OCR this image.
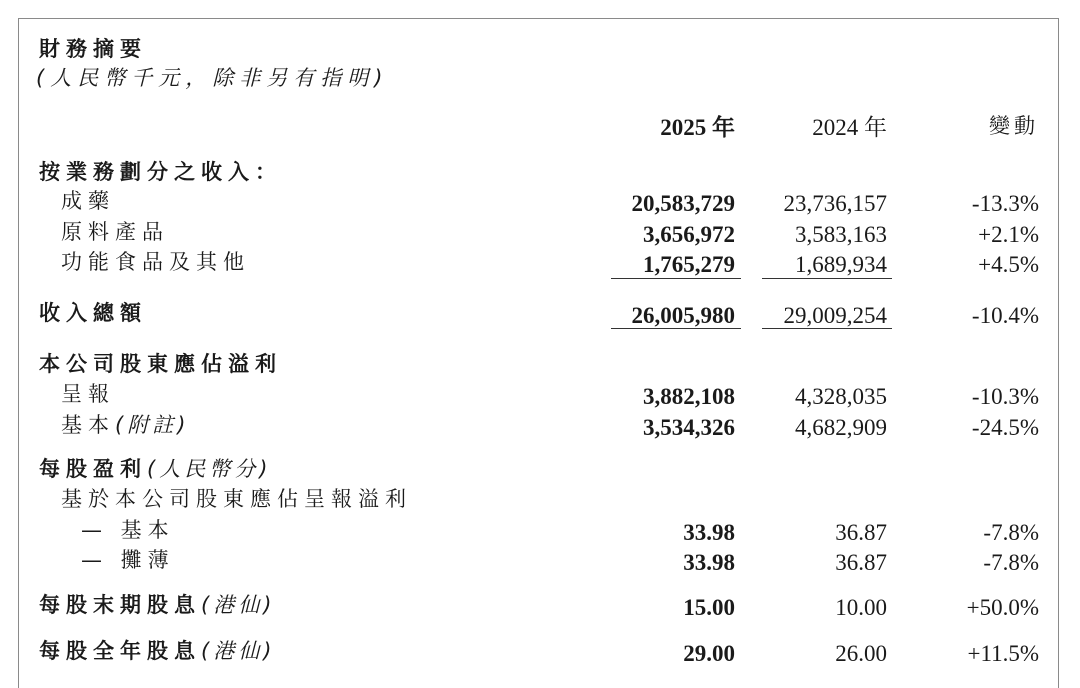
財務摘要
(人民幣千元，除非另有指明)
2025 年	2024 年	變動
按業務劃分之收入：
成藥	20,583,729 23,736,157	-13.3%
原料產品	3,656,972	3,583,163	+2.1%
功能食品及其他	1,765,279	1,689,934	+4.5%
收入總額	26,005,980 29,009,254	-10.4%
本公司股東應佔溢利
呈報	3,882,108	4,328,035	-10.3%
基本(附註)	3,534,326	4,682,909	-24.5%
每股盈利(人民幣分)
基於本公司股東應佔呈報溢利
— 基本	33.98	36.87	-7.8%
— 攤薄	33.98	36.87	-7.8%
每股末期股息(港仙)	15.00	10.00	+50.0%
每股全年股息(港仙)	29.00	26.00	+11.5%
